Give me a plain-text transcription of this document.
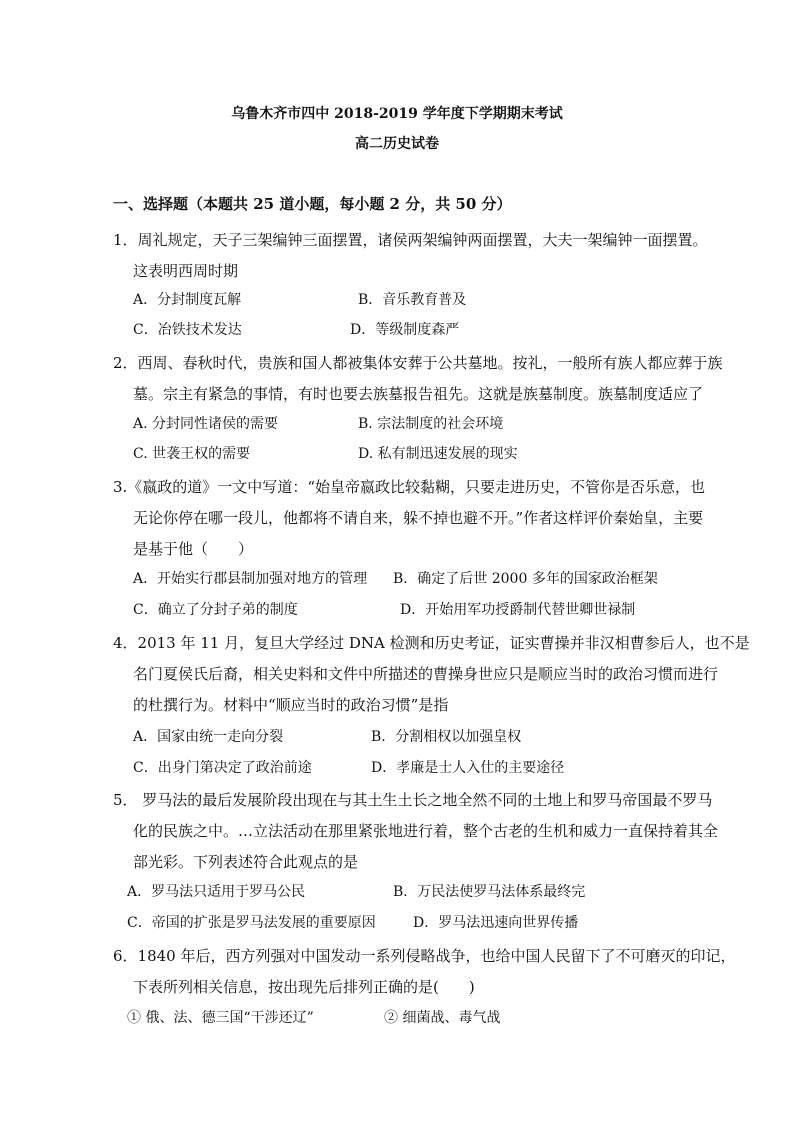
乌鲁木齐市四中 2018-2019 学年度下学期期末考试
高二历史试卷
一、选择题（本题共 25 道小题，每小题 2 分，共 50 分）
1．周礼规定，天子三架编钟三面摆置，诸侯两架编钟两面摆置，大夫一架编钟一面摆置。
这表明西周时期
A．分封制度瓦解	B．音乐教育普及
C．冶铁技术发达	D．等级制度森严
2．西周、春秋时代，贵族和国人都被集体安葬于公共墓地。按礼，一般所有族人都应葬于族
墓。宗主有紧急的事情，有时也要去族墓报告祖先。这就是族墓制度。族墓制度适应了
A. 分封同性诸侯的需要	B. 宗法制度的社会环境
C. 世袭王权的需要	D. 私有制迅速发展的现实
3.《嬴政的道》一文中写道：“始皇帝嬴政比较黏糊，只要走进历史，不管你是否乐意，也
无论你停在哪一段儿，他都将不请自来，躲不掉也避不开。”作者这样评价秦始皇，主要
是基于他（　　）
A．开始实行郡县制加强对地方的管理 B．确定了后世 2000 多年的国家政治框架
C．确立了分封子弟的制度	D．开始用军功授爵制代替世卿世禄制
4．2013 年 11 月，复旦大学经过 DNA 检测和历史考证，证实曹操并非汉相曹参后人，也不是
名门夏侯氏后裔，相关史料和文件中所描述的曹操身世应只是顺应当时的政治习惯而进行
的杜撰行为。材料中“顺应当时的政治习惯”是指
A．国家由统一走向分裂	B．分割相权以加强皇权
C．出身门第决定了政治前途	D．孝廉是士人入仕的主要途径
5． 罗马法的最后发展阶段出现在与其土生土长之地全然不同的土地上和罗马帝国最不罗马
化的民族之中。…立法活动在那里紧张地进行着，整个古老的生机和威力一直保持着其全
部光彩。下列表述符合此观点的是
A．罗马法只适用于罗马公民	B．万民法使罗马法体系最终完
C．帝国的扩张是罗马法发展的重要原因	D．罗马法迅速向世界传播
6．1840 年后，西方列强对中国发动一系列侵略战争，也给中国人民留下了不可磨灭的印记，
下表所列相关信息，按出现先后排列正确的是(　　)
① 俄、法、德三国“干涉还辽”	② 细菌战、毒气战
